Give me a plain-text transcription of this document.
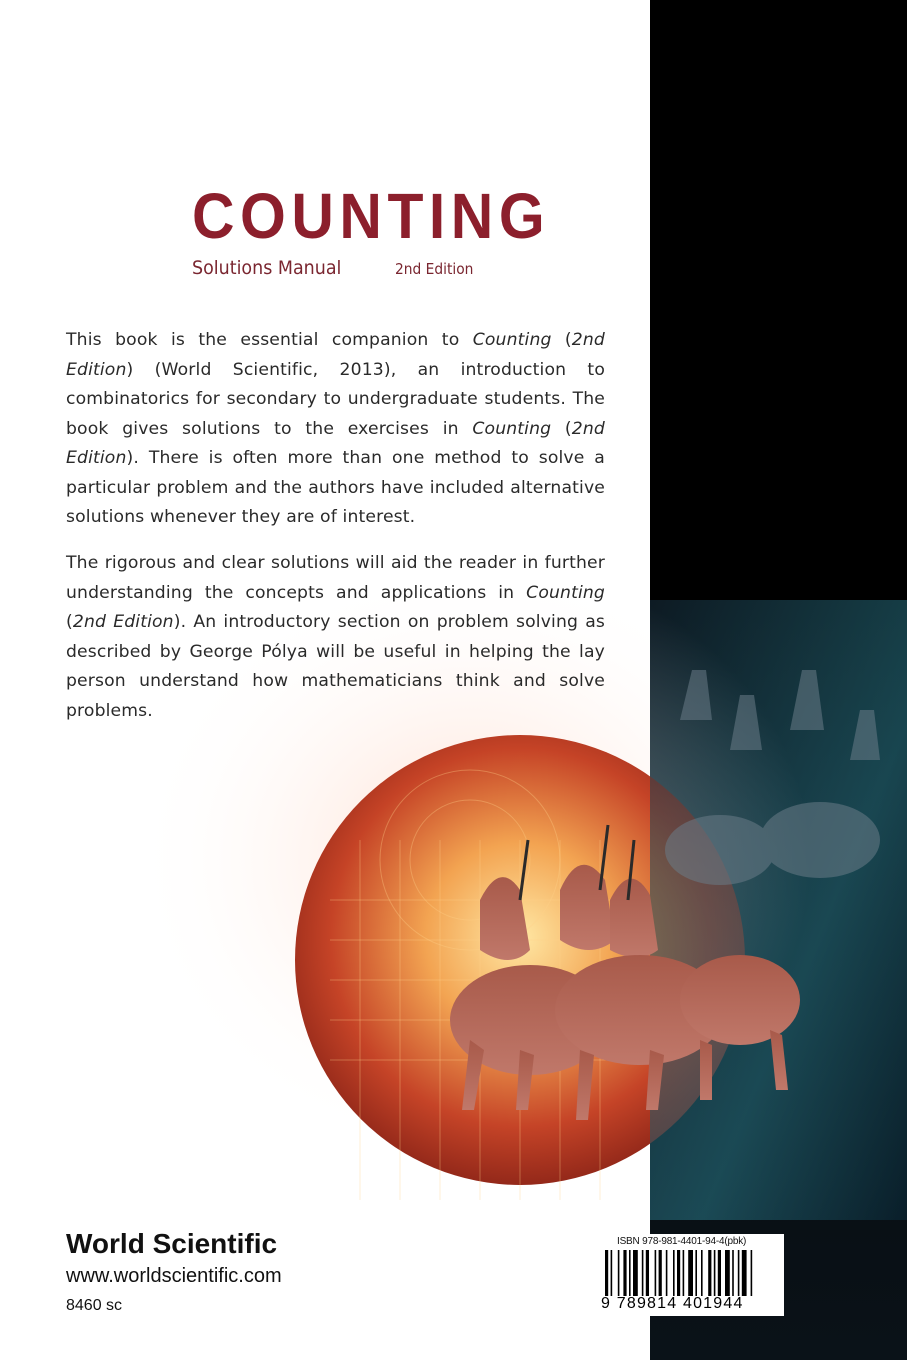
COUNTING
Solutions Manual	2nd Edition

This book is the essential companion to Counting (2nd Edition) (World Scientific, 2013), an introduction to combinatorics for secondary to undergraduate students. The book gives solutions to the exercises in Counting (2nd Edition). There is often more than one method to solve a particular problem and the authors have included alternative solutions whenever they are of interest.

The rigorous and clear solutions will aid the reader in further understanding the concepts and applications in Counting (2nd Edition). An introductory section on problem solving as described by George Pólya will be useful in helping the lay person understand how mathematicians think and solve problems.

World Scientific
www.worldscientific.com
8460 sc
ISBN 978-981-4401-94-4(pbk)
9 789814 401944
